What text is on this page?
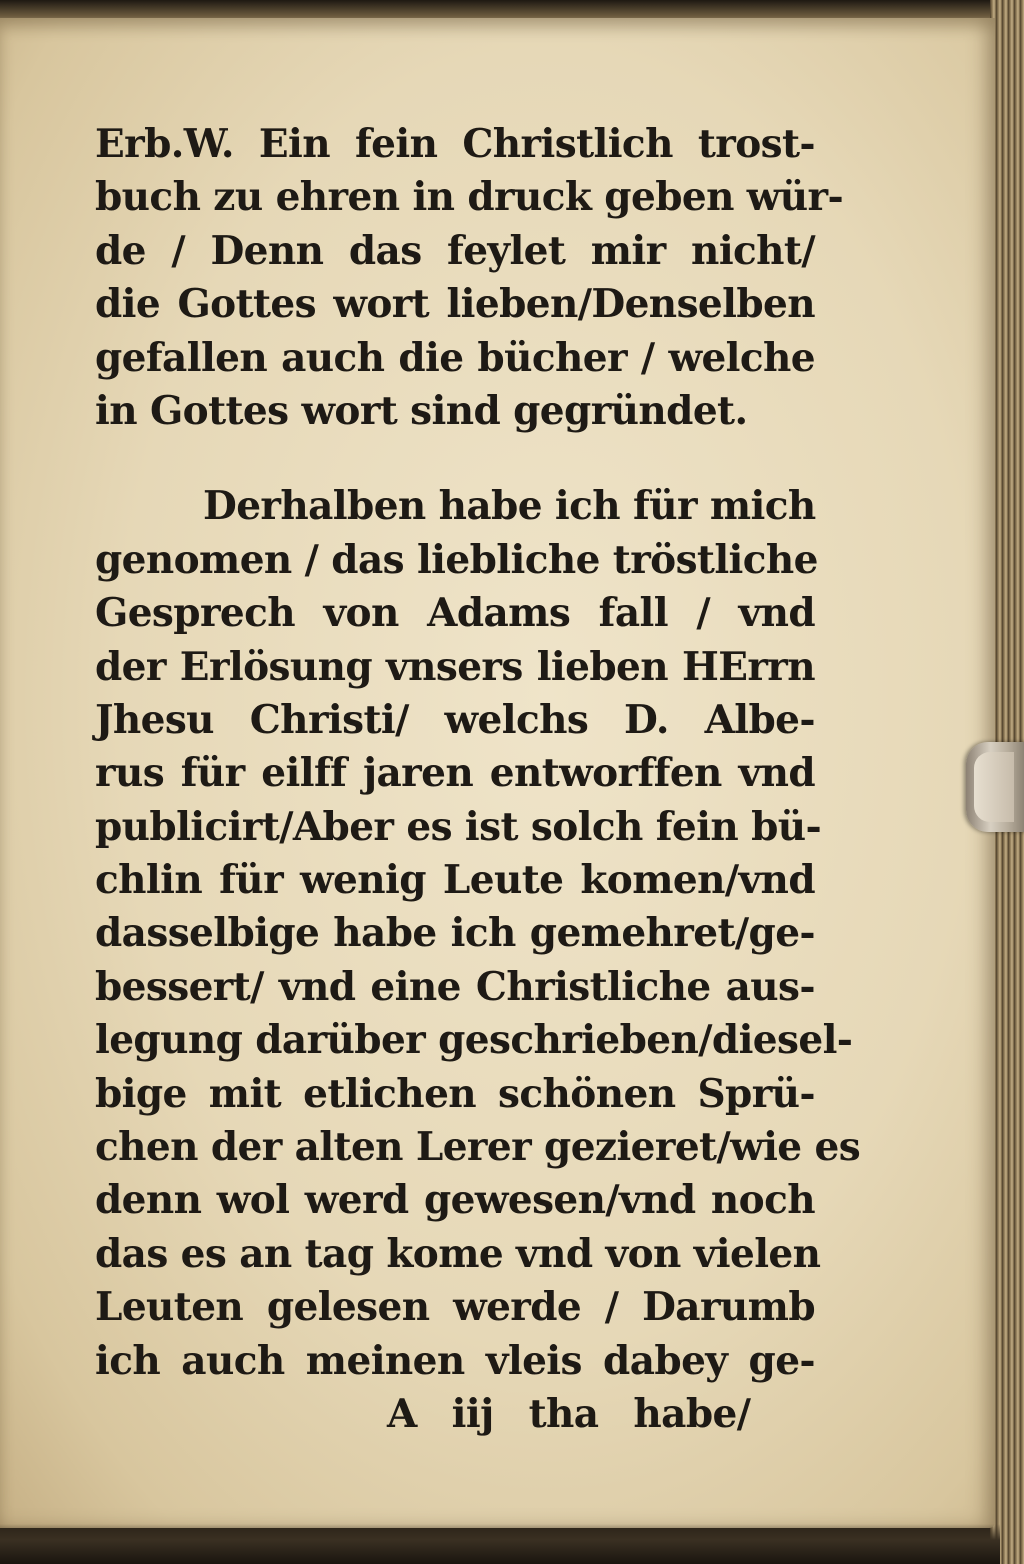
Erb.W. Ein fein Christlich trost-
buch zu ehren in druck geben wür-
de / Denn das feylet mir nicht/
die Gottes wort lieben/Denselben
gefallen auch die bücher / welche
in Gottes wort sind gegründet.
Derhalben habe ich für mich
genomen / das liebliche tröstliche
Gesprech von Adams fall / vnd
der Erlösung vnsers lieben HErrn
Jhesu Christi/ welchs D. Albe-
rus für eilff jaren entworffen vnd
publicirt/Aber es ist solch fein bü-
chlin für wenig Leute komen/vnd
dasselbige habe ich gemehret/ge-
bessert/ vnd eine Christliche aus-
legung darüber geschrieben/diesel-
bige mit etlichen schönen Sprü-
chen der alten Lerer gezieret/wie es
denn wol werd gewesen/vnd noch
das es an tag kome vnd von vielen
Leuten gelesen werde / Darumb
ich auch meinen vleis dabey ge-
A iij tha habe/
